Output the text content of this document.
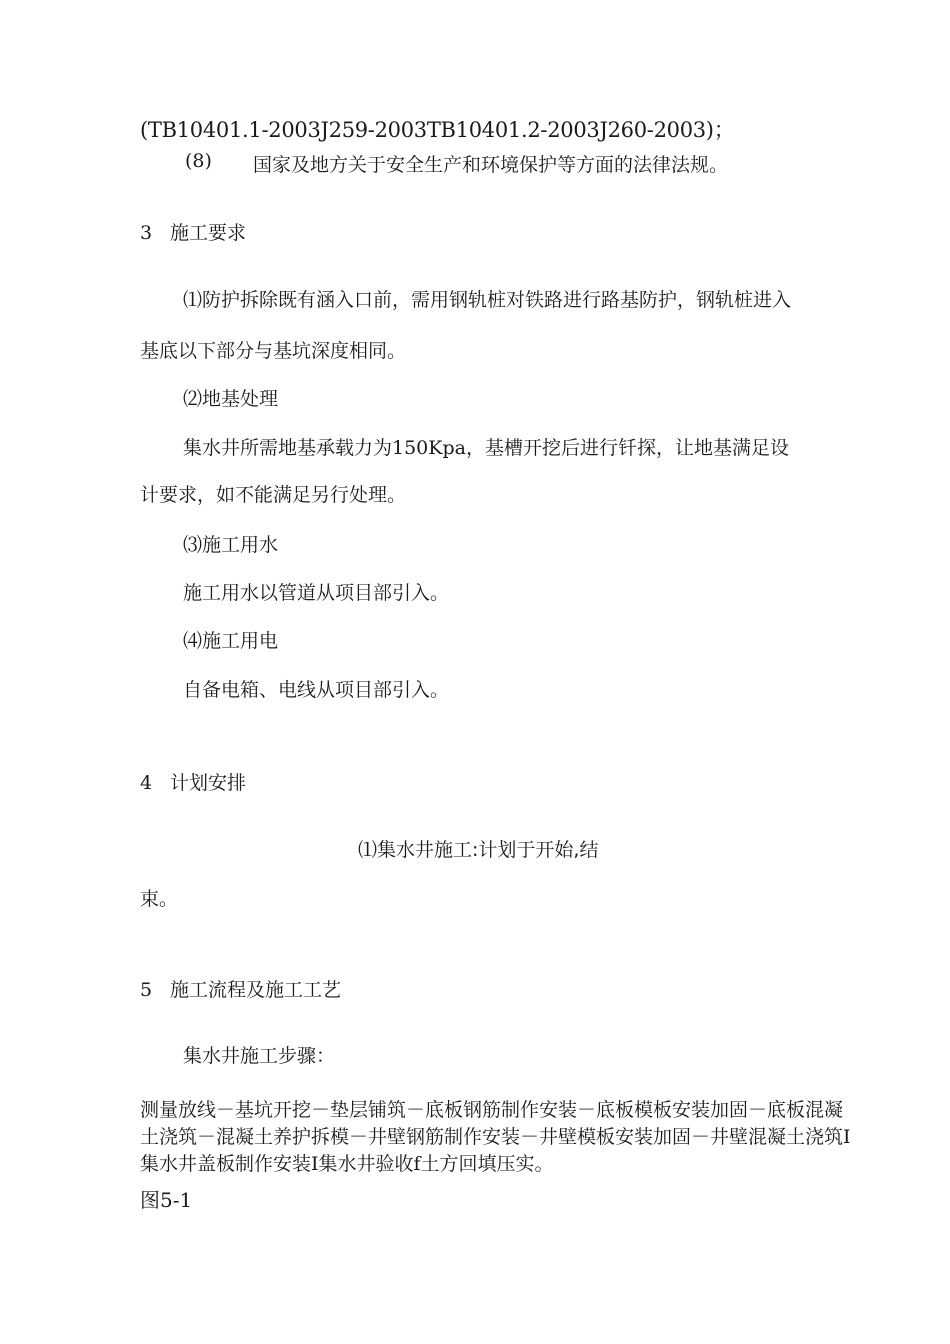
(TB10401.1-2003J259-2003TB10401.2-2003J260-2003)；
(8) 国家及地方关于安全生产和环境保护等方面的法律法规。
3 施工要求
⑴防护拆除既有涵入口前，需用钢轨桩对铁路进行路基防护，钢轨桩进入
基底以下部分与基坑深度相同。
⑵地基处理
集水井所需地基承载力为150Kpa，基槽开挖后进行钎探，让地基满足设
计要求，如不能满足另行处理。
⑶施工用水
施工用水以管道从项目部引入。
⑷施工用电
自备电箱、电线从项目部引入。
4 计划安排
⑴集水井施工:计划于开始,结
束。
5 施工流程及施工工艺
集水井施工步骤：
测量放线－基坑开挖－垫层铺筑－底板钢筋制作安装－底板模板安装加固－底板混凝土浇筑－混凝土养护拆模－井壁钢筋制作安装－井壁模板安装加固－井壁混凝土浇筑I集水井盖板制作安装I集水井验收f土方回填压实。
图5-1
